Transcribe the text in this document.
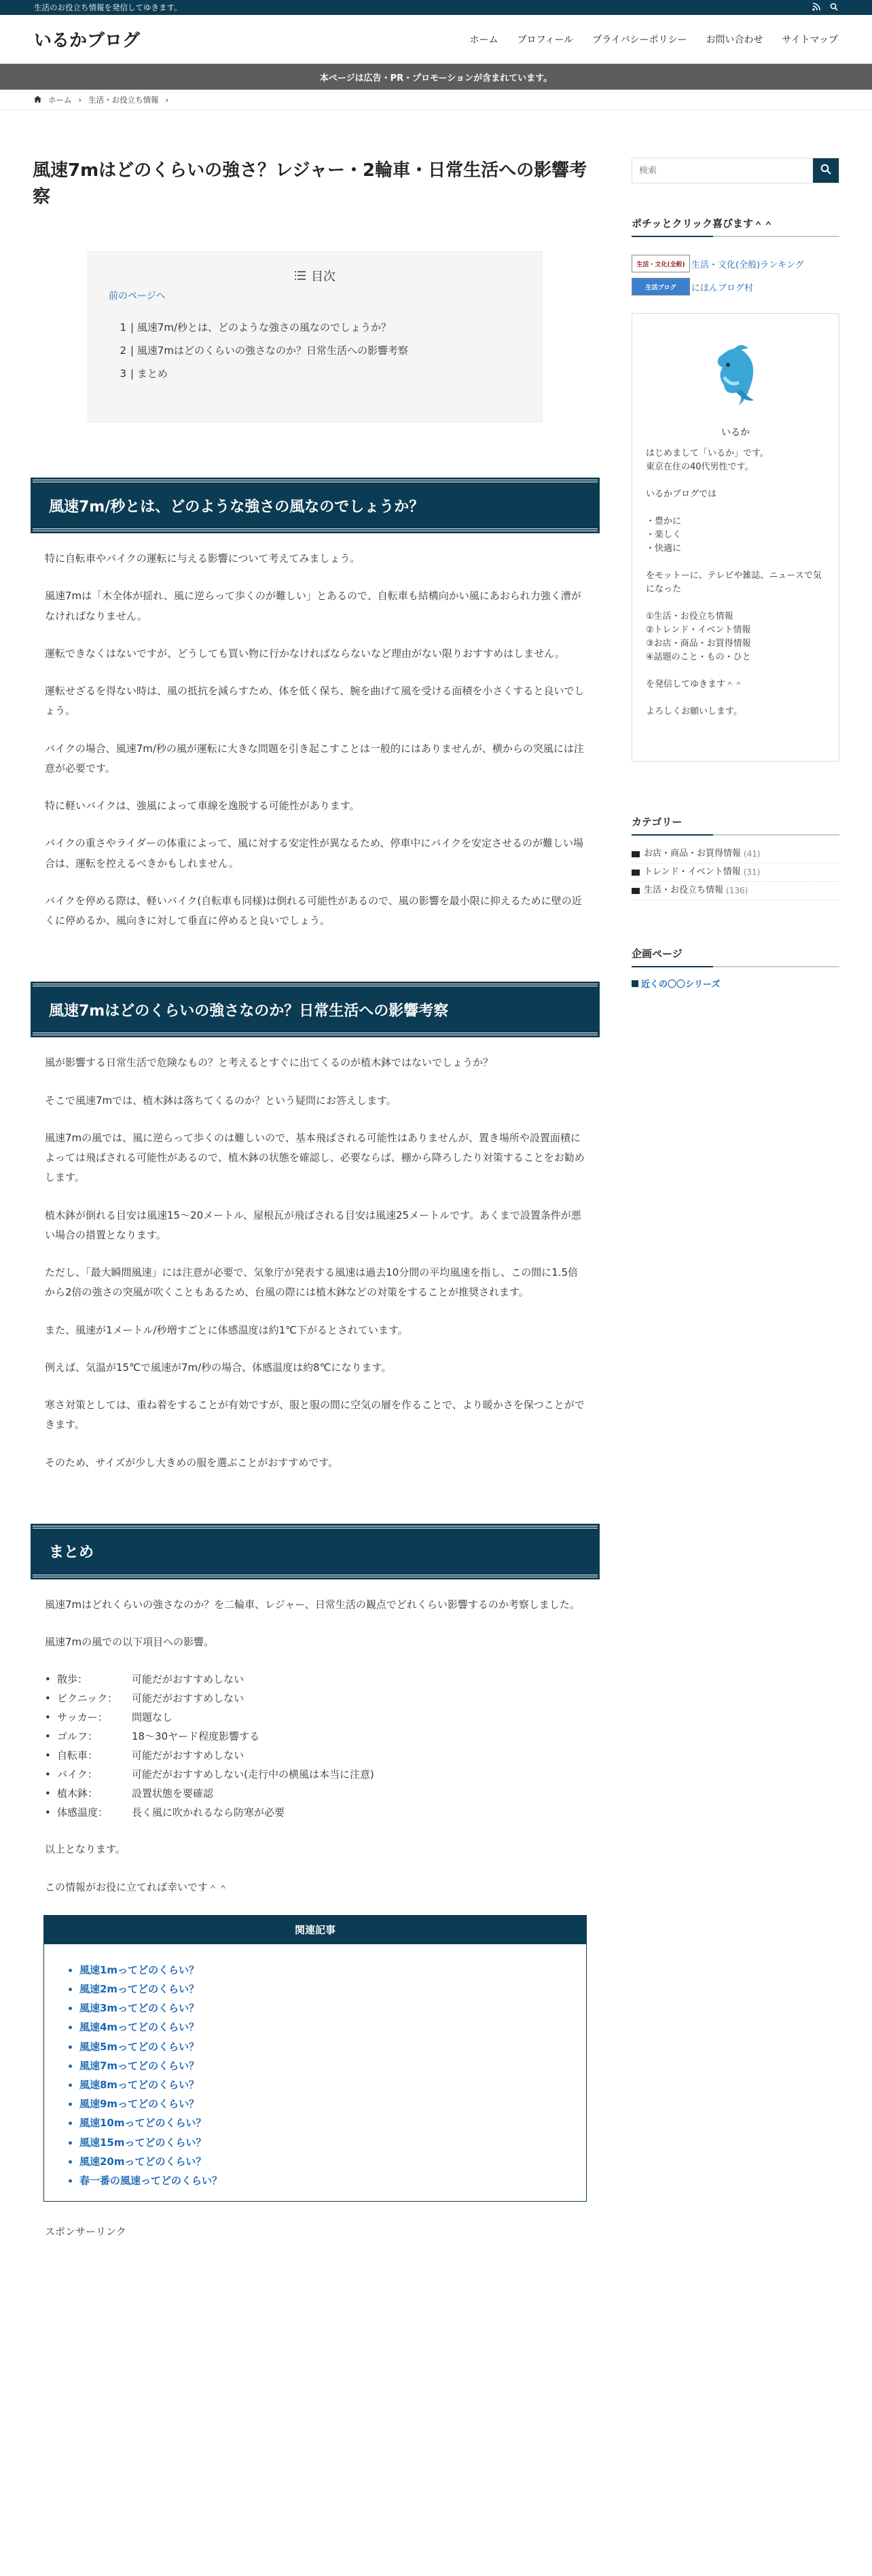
生活のお役立ち情報を発信してゆきます。
いるかブログ	ホーム プロフィール プライバシーポリシー お問い合わせ サイトマップ
本ページは広告・PR・プロモーションが含まれています。
ホーム › 生活・お役立ち情報 ›
風速7mはどのくらいの強さ？レジャー・2輪車・日常生活への影響考察
目次
前のページへ
1 | 風速7m/秒とは、どのような強さの風なのでしょうか？
2 | 風速7mはどのくらいの強さなのか？日常生活への影響考察
3 | まとめ
風速7m/秒とは、どのような強さの風なのでしょうか？

特に自転車やバイクの運転に与える影響について考えてみましょう。

風速7mは「木全体が揺れ、風に逆らって歩くのが難しい」とあるので、自転車も結構向かい風にあおられ力強く漕がなければなりません。

運転できなくはないですが、どうしても買い物に行かなければならないなど理由がない限りおすすめはしません。

運転せざるを得ない時は、風の抵抗を減らすため、体を低く保ち、腕を曲げて風を受ける面積を小さくすると良いでしょう。

バイクの場合、風速7m/秒の風が運転に大きな問題を引き起こすことは一般的にはありませんが、横からの突風には注意が必要です。

特に軽いバイクは、強風によって車線を逸脱する可能性があります。

バイクの重さやライダーの体重によって、風に対する安定性が異なるため、停車中にバイクを安定させるのが難しい場合は、運転を控えるべきかもしれません。

バイクを停める際は、軽いバイク(自転車も同様)は倒れる可能性があるので、風の影響を最小限に抑えるために壁の近くに停めるか、風向きに対して垂直に停めると良いでしょう。

風速7mはどのくらいの強さなのか？日常生活への影響考察

風が影響する日常生活で危険なもの？と考えるとすぐに出てくるのが植木鉢ではないでしょうか？

そこで風速7mでは、植木鉢は落ちてくるのか？という疑問にお答えします。

風速7mの風では、風に逆らって歩くのは難しいので、基本飛ばされる可能性はありませんが、置き場所や設置面積によっては飛ばされる可能性があるので、植木鉢の状態を確認し、必要ならば、棚から降ろしたり対策することをお勧めします。

植木鉢が倒れる目安は風速15～20メートル、屋根瓦が飛ばされる目安は風速25メートルです。あくまで設置条件が悪い場合の措置となります。

ただし、「最大瞬間風速」には注意が必要で、気象庁が発表する風速は過去10分間の平均風速を指し、この間に1.5倍から2倍の強さの突風が吹くこともあるため、台風の際には植木鉢などの対策をすることが推奨されます。

また、風速が1メートル/秒増すごとに体感温度は約1℃下がるとされています。

例えば、気温が15℃で風速が7m/秒の場合、体感温度は約8℃になります。

寒さ対策としては、重ね着をすることが有効ですが、服と服の間に空気の層を作ることで、より暖かさを保つことができます。

そのため、サイズが少し大きめの服を選ぶことがおすすめです。

まとめ

風速7mはどれくらいの強さなのか？を二輪車、レジャー、日常生活の観点でどれくらい影響するのか考察しました。

風速7mの風での以下項目への影響。

• 散歩：	可能だがおすすめしない
• ピクニック：	可能だがおすすめしない
• サッカー：	問題なし
• ゴルフ：	18～30ヤード程度影響する
• 自転車：	可能だがおすすめしない
• バイク：	可能だがおすすめしない(走行中の横風は本当に注意)
• 植木鉢：	設置状態を要確認
• 体感温度：	長く風に吹かれるなら防寒が必要

以上となります。

この情報がお役に立てれば幸いです＾＾

関連記事
• 風速1mってどのくらい？
• 風速2mってどのくらい？
• 風速3mってどのくらい？
• 風速4mってどのくらい？
• 風速5mってどのくらい？
• 風速7mってどのくらい？
• 風速8mってどのくらい？
• 風速9mってどのくらい？
• 風速10mってどのくらい？
• 風速15mってどのくらい？
• 風速20mってどのくらい？
• 春一番の風速ってどのくらい？

スポンサーリンク

検索
ポチッとクリック喜びます＾＾
生活・文化(全般) 生活・文化(全般)ランキング
生活ブログ	にほんブログ村
いるか
はじめまして「いるか」です。
東京在住の40代男性です。

いるかブログでは

・豊かに
・楽しく
・快適に

をモットーに、テレビや雑誌、ニュースで気になった

①生活・お役立ち情報
②トレンド・イベント情報
③お店・商品・お買得情報
④話題のこと・もの・ひと

を発信してゆきます＾＾

よろしくお願いします。
カテゴリー
お店・商品・お買得情報 (41)
トレンド・イベント情報 (31)
生活・お役立ち情報 (136)
企画ページ
近くの〇〇シリーズ
